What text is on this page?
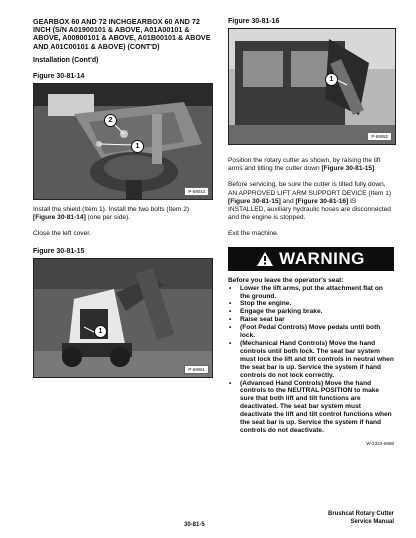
GEARBOX 60 AND 72 INCHGEARBOX 60 AND 72 INCH (S/N A01900101 & ABOVE, A01A00101 & ABOVE, A00800101 & ABOVE, A01B00101 & ABOVE AND A01C00101 & ABOVE) (CONT'D)
Installation (Cont'd)
Figure 30-81-14
2
1
P-69043

Install the shield (Item 1). Install the two bolts (Item 2) [Figure 30-81-14] (one per side).

Close the left cover.

Figure 30-81-15
1
P-69061
Figure 30-81-16
1
P-69082

Position the rotary cutter as shown, by raising the lift arms and tilting the cutter down [Figure 30-81-15].

Before servicing, be sure the cutter is tilted fully down, AN APPROVED LIFT ARM SUPPORT DEVICE (Item 1) [Figure 30-81-15] and [Figure 30-81-16] IS INSTALLED, auxiliary hydraulic hoses are disconnected and the engine is stopped.

Exit the machine.

WARNING
Before you leave the operator's seat:
• Lower the lift arms, put the attachment flat on the ground.
• Stop the engine.
• Engage the parking brake.
• Raise seat bar
• (Foot Pedal Controls) Move pedals until both lock.
• (Mechanical Hand Controls) Move the hand controls until both lock. The seat bar system must lock the lift and tilt controls in neutral when the seat bar is up. Service the system if hand controls do not lock correctly.
• (Advanced Hand Controls) Move the hand controls to the NEUTRAL POSITION to make sure that both lift and tilt functions are deactivated. The seat bar system must deactivate the lift and tilt control functions when the seat bar is up. Service the system if hand controls do not deactivate.
W-2323-0698
30-81-5
Brushcat Rotary Cutter
Service Manual
